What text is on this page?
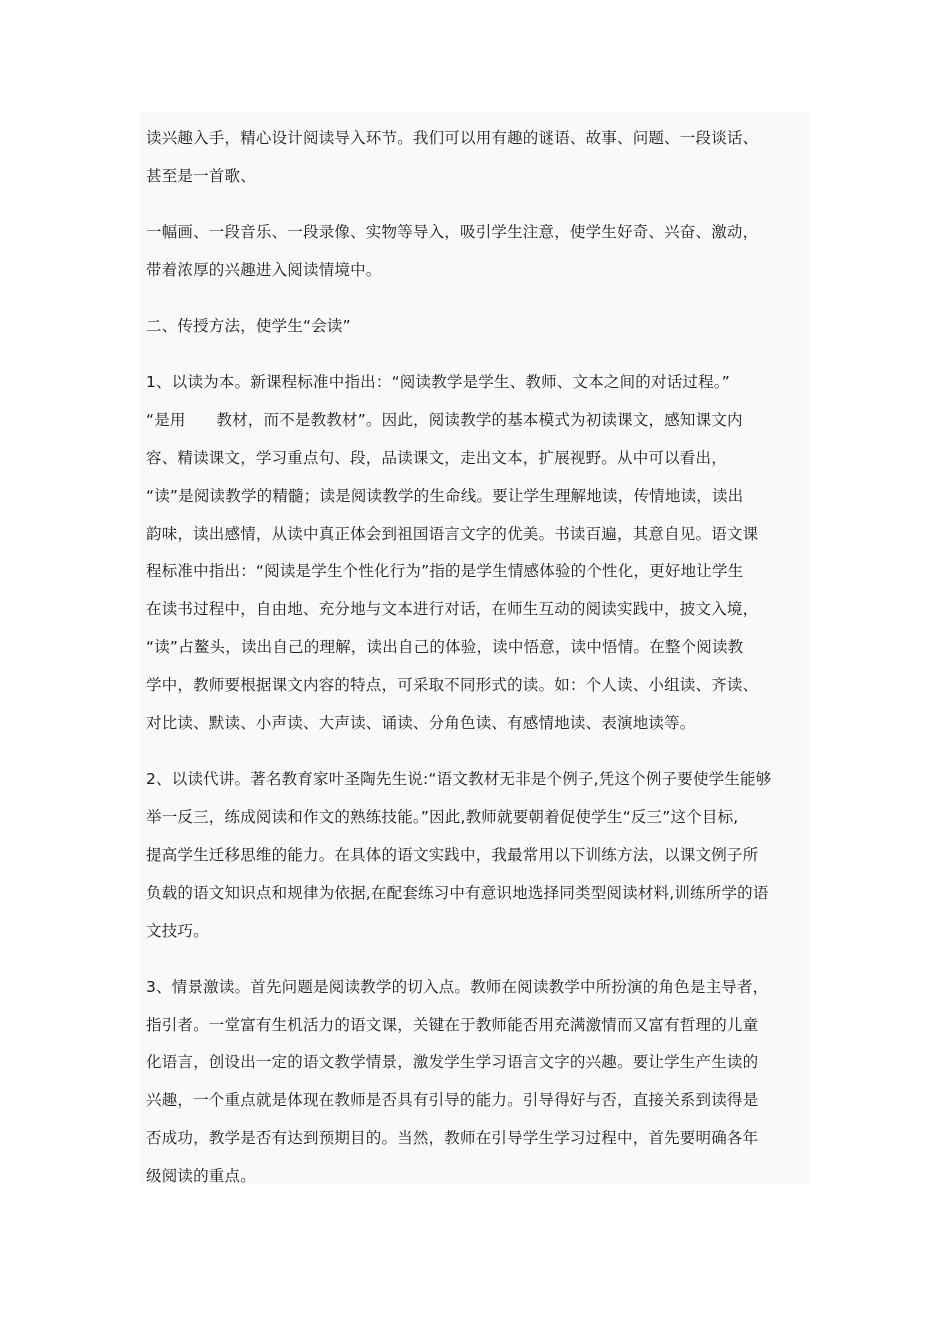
读兴趣入手，精心设计阅读导入环节。我们可以用有趣的谜语、故事、问题、一段谈话、
甚至是一首歌、
一幅画、一段音乐、一段录像、实物等导入，吸引学生注意，使学生好奇、兴奋、激动，
带着浓厚的兴趣进入阅读情境中。
二、传授方法，使学生“会读”
1、以读为本。新课程标准中指出：“阅读教学是学生、教师、文本之间的对话过程。”
“是用      教材，而不是教教材”。因此，阅读教学的基本模式为初读课文，感知课文内
容、精读课文，学习重点句、段，品读课文，走出文本，扩展视野。从中可以看出，
“读”是阅读教学的精髓；读是阅读教学的生命线。要让学生理解地读，传情地读，读出
韵味，读出感情，从读中真正体会到祖国语言文字的优美。书读百遍，其意自见。语文课
程标准中指出：“阅读是学生个性化行为”指的是学生情感体验的个性化，更好地让学生
在读书过程中，自由地、充分地与文本进行对话，在师生互动的阅读实践中，披文入境，
“读”占鳌头，读出自己的理解，读出自己的体验，读中悟意，读中悟情。在整个阅读教
学中，教师要根据课文内容的特点，可采取不同形式的读。如：个人读、小组读、齐读、
对比读、默读、小声读、大声读、诵读、分角色读、有感情地读、表演地读等。
2、以读代讲。著名教育家叶圣陶先生说:“语文教材无非是个例子,凭这个例子要使学生能够
举一反三，练成阅读和作文的熟练技能。”因此,教师就要朝着促使学生“反三”这个目标,
提高学生迁移思维的能力。在具体的语文实践中，我最常用以下训练方法，以课文例子所
负载的语文知识点和规律为依据,在配套练习中有意识地选择同类型阅读材料,训练所学的语
文技巧。
3、情景激读。首先问题是阅读教学的切入点。教师在阅读教学中所扮演的角色是主导者，
指引者。一堂富有生机活力的语文课，关键在于教师能否用充满激情而又富有哲理的儿童
化语言，创设出一定的语文教学情景，激发学生学习语言文字的兴趣。要让学生产生读的
兴趣，一个重点就是体现在教师是否具有引导的能力。引导得好与否，直接关系到读得是
否成功，教学是否有达到预期目的。当然，教师在引导学生学习过程中，首先要明确各年
级阅读的重点。
